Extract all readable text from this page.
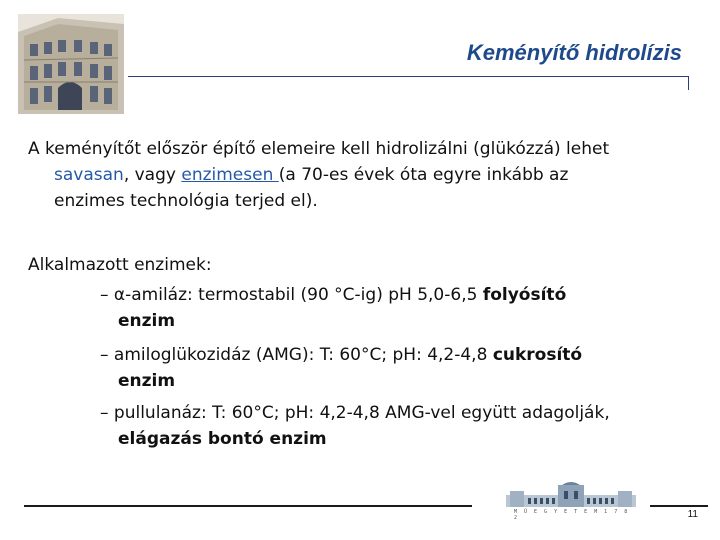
Keményítő hidrolízis
A keményítőt először építő elemeire kell hidrolizálni (glükózzá) lehet
savasan, vagy enzimesen (a 70-es évek óta egyre inkább az
enzimes technológia terjed el).
Alkalmazott enzimek:
– α-amiláz: termostabil (90 °C-ig) pH 5,0-6,5 folyósító
enzim
– amiloglükozidáz (AMG): T: 60°C; pH: 4,2-4,8 cukrosító
enzim
– pullulanáz: T: 60°C; pH: 4,2-4,8 AMG-vel együtt adagolják,
elágazás bontó enzim
M Ű E G Y E T E M 1 7 8 2	11
